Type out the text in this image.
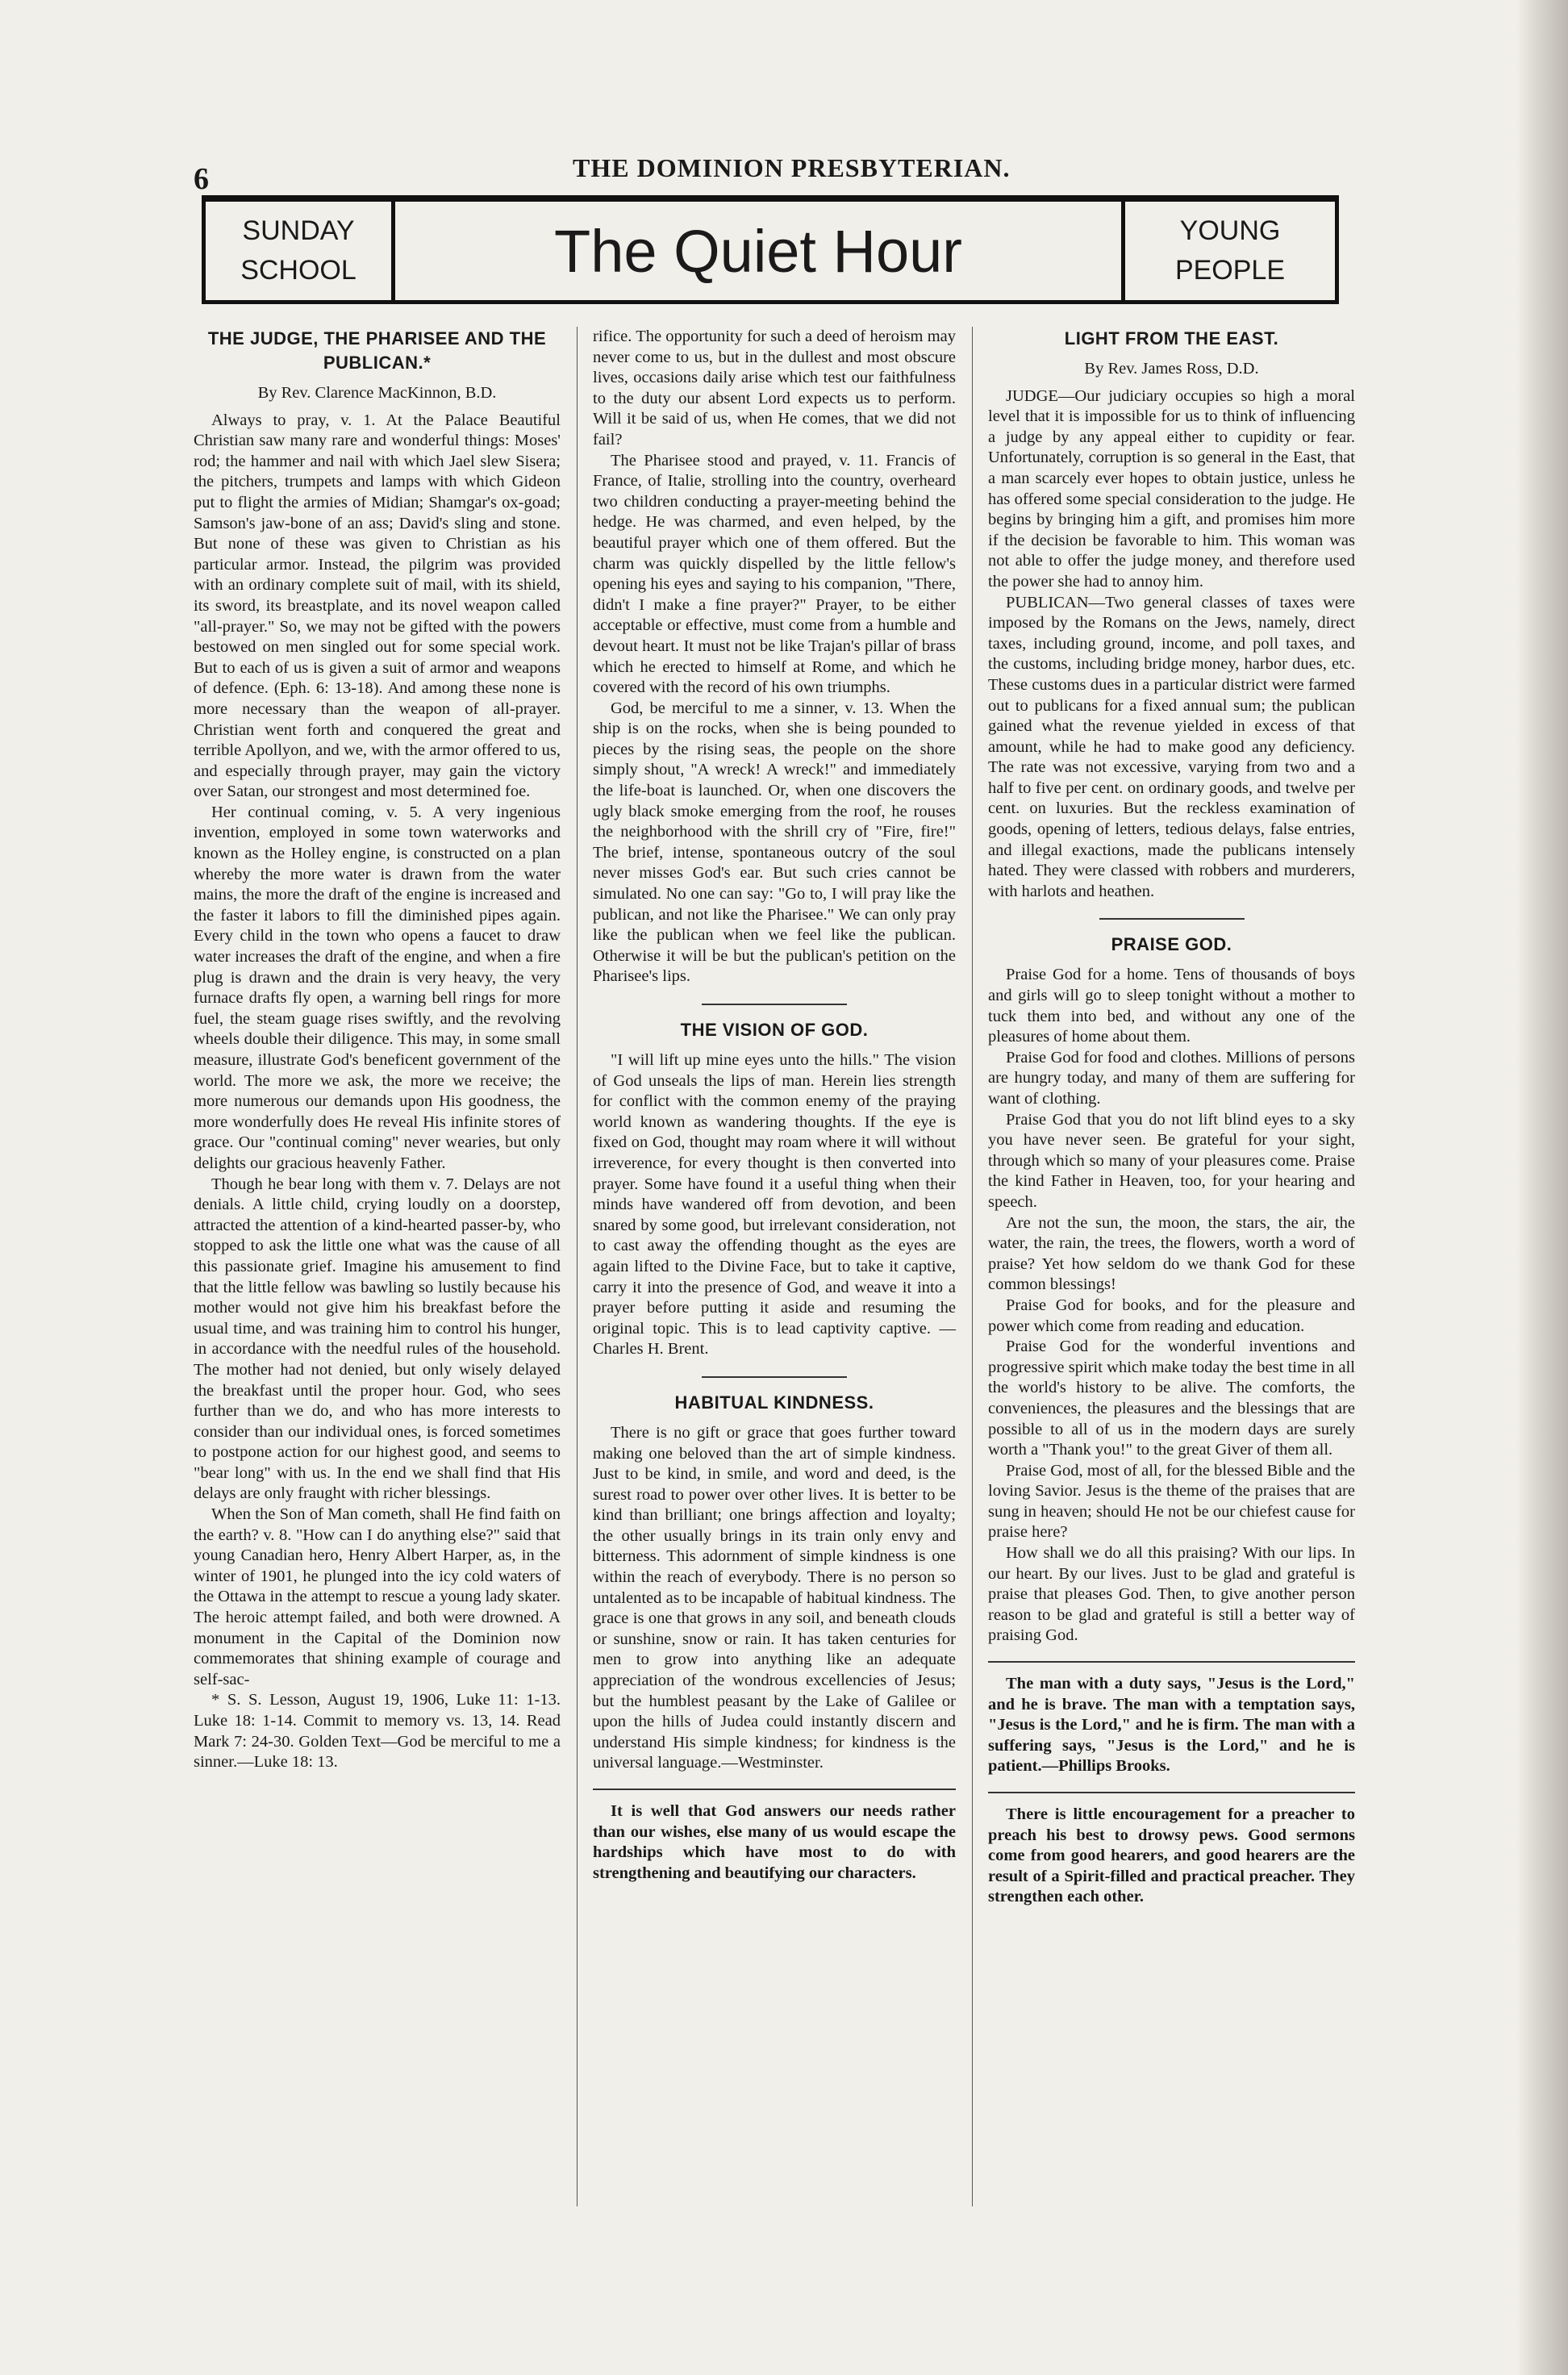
6	THE DOMINION PRESBYTERIAN.
SUNDAY
SCHOOL	The Quiet Hour	YOUNG
PEOPLE
THE JUDGE, THE PHARISEE AND THE PUBLICAN.*
By Rev. Clarence MacKinnon, B.D.

Always to pray, v. 1. At the Palace Beautiful Christian saw many rare and wonderful things: Moses' rod; the hammer and nail with which Jael slew Sisera; the pitchers, trumpets and lamps with which Gideon put to flight the armies of Midian; Shamgar's ox-goad; Samson's jaw-bone of an ass; David's sling and stone. But none of these was given to Christian as his particular armor. Instead, the pilgrim was provided with an ordinary complete suit of mail, with its shield, its sword, its breastplate, and its novel weapon called "all-prayer." So, we may not be gifted with the powers bestowed on men singled out for some special work. But to each of us is given a suit of armor and weapons of defence. (Eph. 6: 13-18). And among these none is more necessary than the weapon of all-prayer. Christian went forth and conquered the great and terrible Apollyon, and we, with the armor offered to us, and especially through prayer, may gain the victory over Satan, our strongest and most determined foe.

Her continual coming, v. 5. A very ingenious invention, employed in some town waterworks and known as the Holley engine, is constructed on a plan whereby the more water is drawn from the water mains, the more the draft of the engine is increased and the faster it labors to fill the diminished pipes again. Every child in the town who opens a faucet to draw water increases the draft of the engine, and when a fire plug is drawn and the drain is very heavy, the very furnace drafts fly open, a warning bell rings for more fuel, the steam guage rises swiftly, and the revolving wheels double their diligence. This may, in some small measure, illustrate God's beneficent government of the world. The more we ask, the more we receive; the more numerous our demands upon His goodness, the more wonderfully does He reveal His infinite stores of grace. Our "continual coming" never wearies, but only delights our gracious heavenly Father.

Though he bear long with them v. 7. Delays are not denials. A little child, crying loudly on a doorstep, attracted the attention of a kind-hearted passer-by, who stopped to ask the little one what was the cause of all this passionate grief. Imagine his amusement to find that the little fellow was bawling so lustily because his mother would not give him his breakfast before the usual time, and was training him to control his hunger, in accordance with the needful rules of the household. The mother had not denied, but only wisely delayed the breakfast until the proper hour. God, who sees further than we do, and who has more interests to consider than our individual ones, is forced sometimes to postpone action for our highest good, and seems to "bear long" with us. In the end we shall find that His delays are only fraught with richer blessings.

When the Son of Man cometh, shall He find faith on the earth? v. 8. "How can I do anything else?" said that young Canadian hero, Henry Albert Harper, as, in the winter of 1901, he plunged into the icy cold waters of the Ottawa in the attempt to rescue a young lady skater. The heroic attempt failed, and both were drowned. A monument in the Capital of the Dominion now commemorates that shining example of courage and self-sac-

* S. S. Lesson, August 19, 1906, Luke 11: 1-13. Luke 18: 1-14. Commit to memory vs. 13, 14. Read Mark 7: 24-30. Golden Text—God be merciful to me a sinner.—Luke 18: 13.

rifice. The opportunity for such a deed of heroism may never come to us, but in the dullest and most obscure lives, occasions daily arise which test our faithfulness to the duty our absent Lord expects us to perform. Will it be said of us, when He comes, that we did not fail?

The Pharisee stood and prayed, v. 11. Francis of France, of Italie, strolling into the country, overheard two children conducting a prayer-meeting behind the hedge. He was charmed, and even helped, by the beautiful prayer which one of them offered. But the charm was quickly dispelled by the little fellow's opening his eyes and saying to his companion, "There, didn't I make a fine prayer?" Prayer, to be either acceptable or effective, must come from a humble and devout heart. It must not be like Trajan's pillar of brass which he erected to himself at Rome, and which he covered with the record of his own triumphs.

God, be merciful to me a sinner, v. 13. When the ship is on the rocks, when she is being pounded to pieces by the rising seas, the people on the shore simply shout, "A wreck! A wreck!" and immediately the life-boat is launched. Or, when one discovers the ugly black smoke emerging from the roof, he rouses the neighborhood with the shrill cry of "Fire, fire!" The brief, intense, spontaneous outcry of the soul never misses God's ear. But such cries cannot be simulated. No one can say: "Go to, I will pray like the publican, and not like the Pharisee." We can only pray like the publican when we feel like the publican. Otherwise it will be but the publican's petition on the Pharisee's lips.

THE VISION OF GOD.

"I will lift up mine eyes unto the hills." The vision of God unseals the lips of man. Herein lies strength for conflict with the common enemy of the praying world known as wandering thoughts. If the eye is fixed on God, thought may roam where it will without irreverence, for every thought is then converted into prayer. Some have found it a useful thing when their minds have wandered off from devotion, and been snared by some good, but irrelevant consideration, not to cast away the offending thought as the eyes are again lifted to the Divine Face, but to take it captive, carry it into the presence of God, and weave it into a prayer before putting it aside and resuming the original topic. This is to lead captivity captive. —Charles H. Brent.

HABITUAL KINDNESS.

There is no gift or grace that goes further toward making one beloved than the art of simple kindness. Just to be kind, in smile, and word and deed, is the surest road to power over other lives. It is better to be kind than brilliant; one brings affection and loyalty; the other usually brings in its train only envy and bitterness. This adornment of simple kindness is one within the reach of everybody. There is no person so untalented as to be incapable of habitual kindness. The grace is one that grows in any soil, and beneath clouds or sunshine, snow or rain. It has taken centuries for men to grow into anything like an adequate appreciation of the wondrous excellencies of Jesus; but the humblest peasant by the Lake of Galilee or upon the hills of Judea could instantly discern and understand His simple kindness; for kindness is the universal language.—Westminster.

It is well that God answers our needs rather than our wishes, else many of us would escape the hardships which have most to do with strengthening and beautifying our characters.

LIGHT FROM THE EAST.
By Rev. James Ross, D.D.

JUDGE—Our judiciary occupies so high a moral level that it is impossible for us to think of influencing a judge by any appeal either to cupidity or fear. Unfortunately, corruption is so general in the East, that a man scarcely ever hopes to obtain justice, unless he has offered some special consideration to the judge. He begins by bringing him a gift, and promises him more if the decision be favorable to him. This woman was not able to offer the judge money, and therefore used the power she had to annoy him.

PUBLICAN—Two general classes of taxes were imposed by the Romans on the Jews, namely, direct taxes, including ground, income, and poll taxes, and the customs, including bridge money, harbor dues, etc. These customs dues in a particular district were farmed out to publicans for a fixed annual sum; the publican gained what the revenue yielded in excess of that amount, while he had to make good any deficiency. The rate was not excessive, varying from two and a half to five per cent. on ordinary goods, and twelve per cent. on luxuries. But the reckless examination of goods, opening of letters, tedious delays, false entries, and illegal exactions, made the publicans intensely hated. They were classed with robbers and murderers, with harlots and heathen.

PRAISE GOD.

Praise God for a home. Tens of thousands of boys and girls will go to sleep tonight without a mother to tuck them into bed, and without any one of the pleasures of home about them.

Praise God for food and clothes. Millions of persons are hungry today, and many of them are suffering for want of clothing.

Praise God that you do not lift blind eyes to a sky you have never seen. Be grateful for your sight, through which so many of your pleasures come. Praise the kind Father in Heaven, too, for your hearing and speech.

Are not the sun, the moon, the stars, the air, the water, the rain, the trees, the flowers, worth a word of praise? Yet how seldom do we thank God for these common blessings!

Praise God for books, and for the pleasure and power which come from reading and education.

Praise God for the wonderful inventions and progressive spirit which make today the best time in all the world's history to be alive. The comforts, the conveniences, the pleasures and the blessings that are possible to all of us in the modern days are surely worth a "Thank you!" to the great Giver of them all.

Praise God, most of all, for the blessed Bible and the loving Savior. Jesus is the theme of the praises that are sung in heaven; should He not be our chiefest cause for praise here?

How shall we do all this praising? With our lips. In our heart. By our lives. Just to be glad and grateful is praise that pleases God. Then, to give another person reason to be glad and grateful is still a better way of praising God.

The man with a duty says, "Jesus is the Lord," and he is brave. The man with a temptation says, "Jesus is the Lord," and he is firm. The man with a suffering says, "Jesus is the Lord," and he is patient.—Phillips Brooks.

There is little encouragement for a preacher to preach his best to drowsy pews. Good sermons come from good hearers, and good hearers are the result of a Spirit-filled and practical preacher. They strengthen each other.
